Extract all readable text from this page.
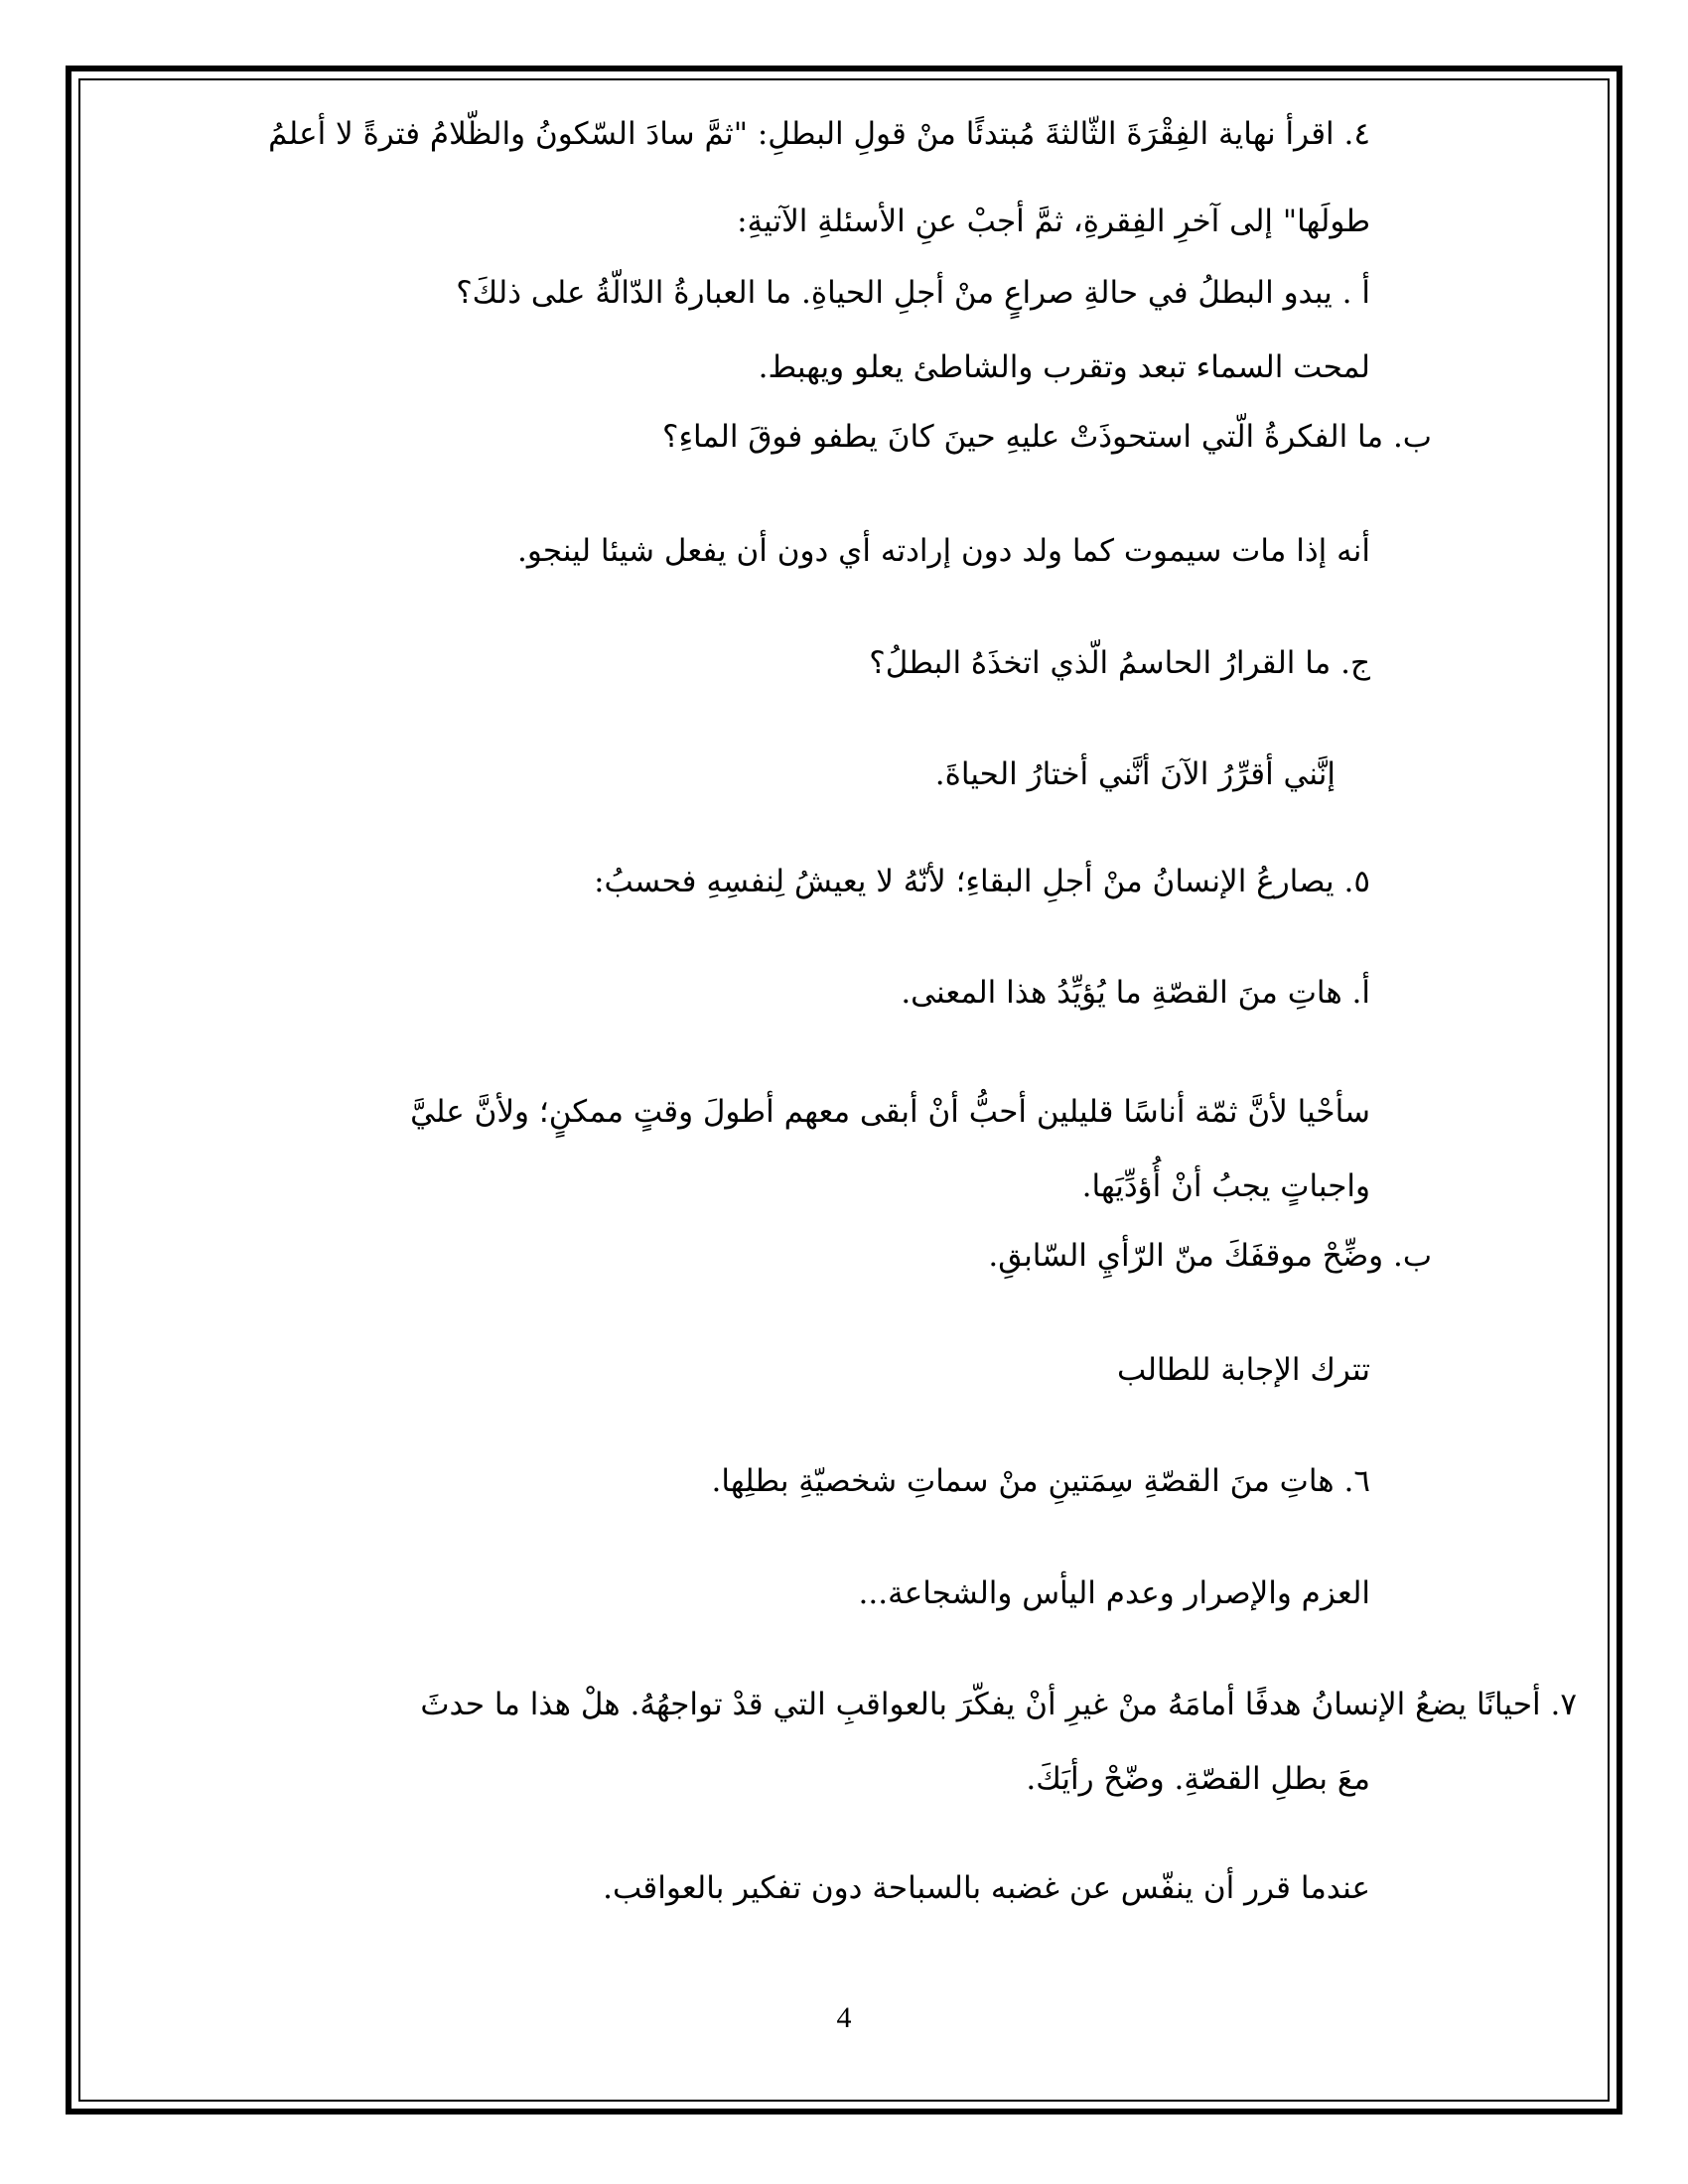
٤. اقرأ نهاية الفِقْرَةَ الثّالثةَ مُبتدئًا منْ قولِ البطلِ: "ثمَّ سادَ السّكونُ والظّلامُ فترةً لا أعلمُ
طولَها" إلى آخرِ الفِقرةِ، ثمَّ أجبْ عنِ الأسئلةِ الآتيةِ:
أ . يبدو البطلُ في حالةِ صراعٍ منْ أجلِ الحياةِ. ما العبارةُ الدّالّةُ على ذلكَ؟
لمحت السماء تبعد وتقرب والشاطئ يعلو ويهبط.
ب. ما الفكرةُ الّتي استحوذَتْ عليهِ حينَ كانَ يطفو فوقَ الماءِ؟
أنه إذا مات سيموت كما ولد دون إرادته أي دون أن يفعل شيئا لينجو.
ج. ما القرارُ الحاسمُ الّذي اتخذَهُ البطلُ؟
إنَّني أقرِّرُ الآنَ أنَّني أختارُ الحياةَ.
٥. يصارعُ الإنسانُ منْ أجلِ البقاءِ؛ لأنّهُ لا يعيشُ لِنفسِهِ فحسبُ:
أ. هاتِ منَ القصّةِ ما يُؤيِّدُ هذا المعنى.
سأحْيا لأنَّ ثمّة أناسًا قليلين أحبُّ أنْ أبقى معهم أطولَ وقتٍ ممكنٍ؛ ولأنَّ عليَّ
واجباتٍ يجبُ أنْ أُؤدِّيَها.
ب. وضِّحْ موقفَكَ منّ الرّأيِ السّابقِ.
تترك الإجابة للطالب
٦. هاتِ منَ القصّةِ سِمَتينِ منْ سماتِ شخصيّةِ بطلِها.
العزم والإصرار وعدم اليأس والشجاعة...
٧. أحيانًا يضعُ الإنسانُ هدفًا أمامَهُ منْ غيرِ أنْ يفكّرَ بالعواقبِ التي قدْ تواجهُهُ. هلْ هذا ما حدثَ
معَ بطلِ القصّةِ. وضّحْ رأيَكَ.
عندما قرر أن ينفّس عن غضبه بالسباحة دون تفكير بالعواقب.
4
